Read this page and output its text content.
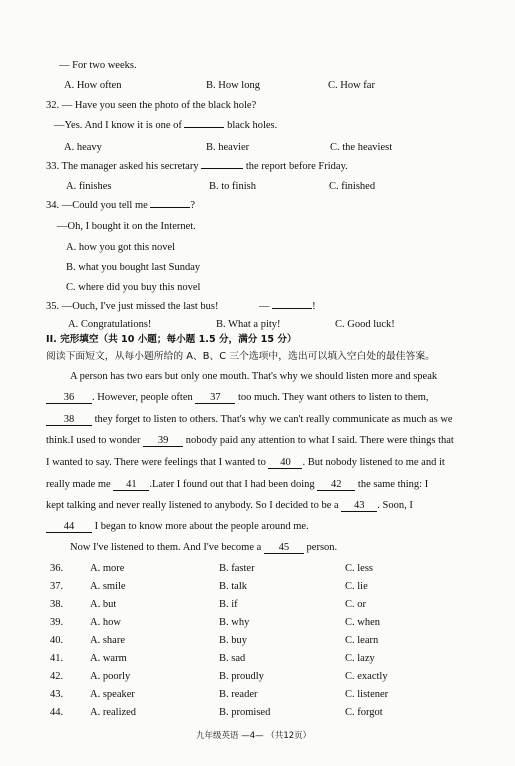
— For two weeks.
A. How often	B. How long	C. How far
32. — Have you seen the photo of the black hole?
—Yes. And I know it is one of	black holes.
A. heavy	B. heavier	C. the heaviest
33. The manager asked his secretary	the report before Friday.
A. finishes	B. to finish	C. finished
34. —Could you tell me	?
—Oh, I bought it on the Internet.
A. how you got this novel
B. what you bought last Sunday
C. where did you buy this novel
35. —Ouch, I've just missed the last bus!	—	!
A. Congratulations!	B. What a pity!	C. Good luck!
II. 完形填空（共 10 小题；每小题 1.5 分，满分 15 分）
阅读下面短文，从每小题所给的 A、B、C 三个选项中，选出可以填入空白处的最佳答案。
A person has two ears but only one mouth. That's why we should listen more and speak
36 . However, people often 37 too much. They want others to listen to them,
38 they forget to listen to others. That's why we can't really communicate as much as we
think.I used to wonder 39 nobody paid any attention to what I said. There were things that
I wanted to say. There were feelings that I wanted to 40 . But nobody listened to me and it
really made me 41 .Later I found out that I had been doing 42 the same thing: I
kept talking and never really listened to anybody. So I decided to be a 43 . Soon, I
44 I began to know more about the people around me.
Now I've listened to them. And I've become a 45 person.
36.	A. more	B. faster	C. less
37.	A. smile	B. talk	C. lie
38.	A. but	B. if	C. or
39.	A. how	B. why	C. when
40.	A. share	B. buy	C. learn
41.	A. warm	B. sad	C. lazy
42.	A. poorly	B. proudly	C. exactly
43.	A. speaker	B. reader	C. listener
44.	A. realized	B. promised	C. forgot
九年级英语 —4— （共12页）
